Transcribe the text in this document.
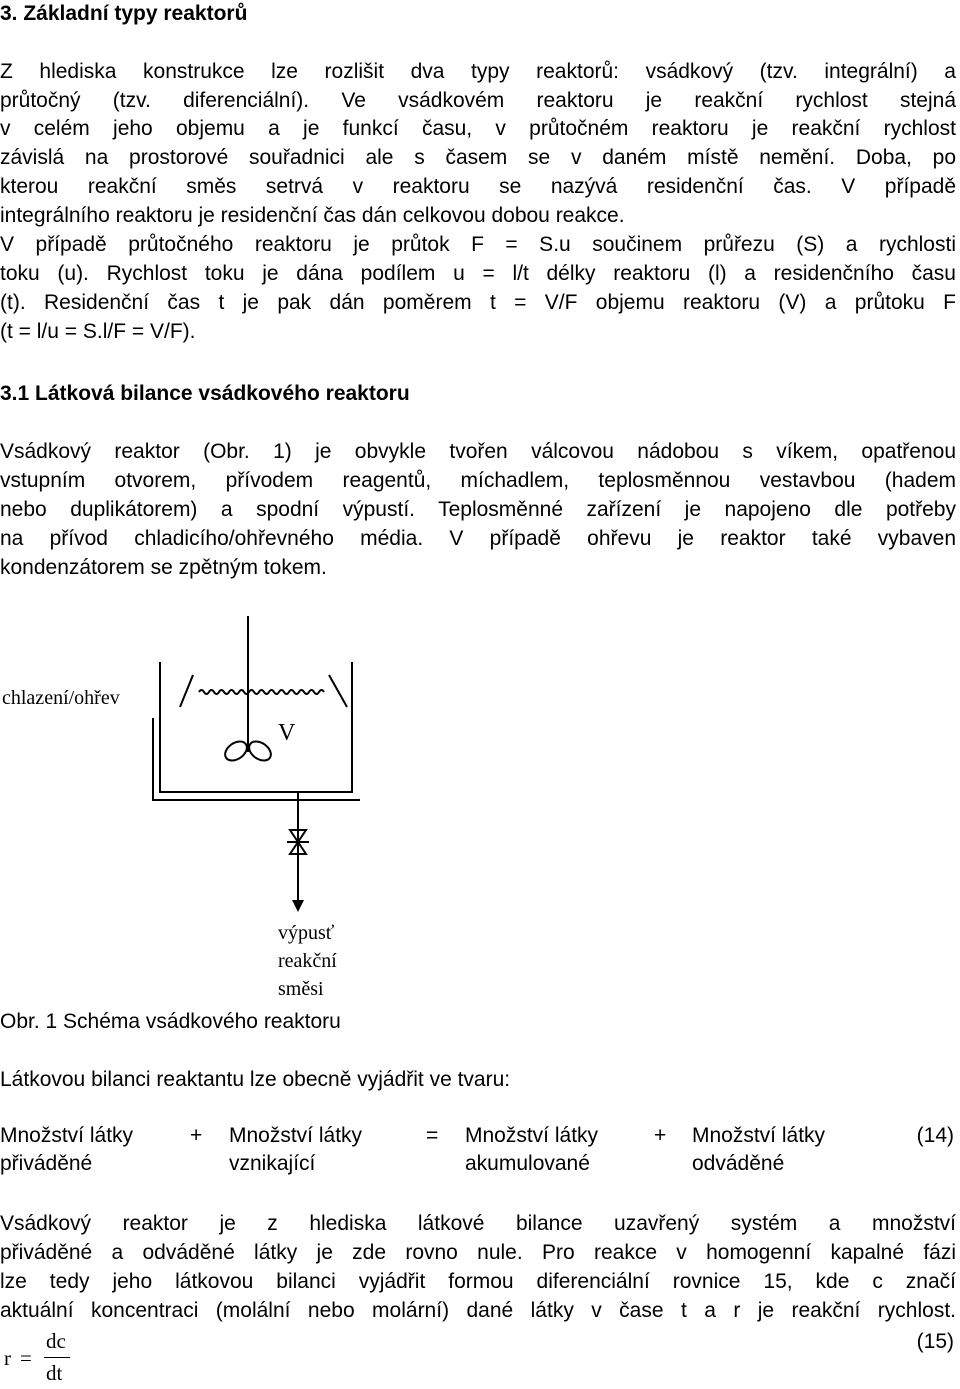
3. Základní typy reaktorů
Z hlediska konstrukce lze rozlišit dva typy reaktorů: vsádkový (tzv. integrální) a
průtočný (tzv. diferenciální). Ve vsádkovém reaktoru je reakční rychlost stejná
v celém jeho objemu a je funkcí času, v průtočném reaktoru je reakční rychlost
závislá na prostorové souřadnici ale s časem se v daném místě nemění. Doba, po
kterou reakční směs setrvá v reaktoru se nazývá residenční čas. V případě
integrálního reaktoru je residenční čas dán celkovou dobou reakce.
V případě průtočného reaktoru je průtok F = S.u součinem průřezu (S) a rychlosti
toku (u). Rychlost toku je dána podílem u = l/t délky reaktoru (l) a residenčního času
(t). Residenční čas t je pak dán poměrem t = V/F objemu reaktoru (V) a průtoku F
(t = l/u = S.l/F = V/F).
3.1 Látková bilance vsádkového reaktoru
Vsádkový reaktor (Obr. 1) je obvykle tvořen válcovou nádobou s víkem, opatřenou
vstupním otvorem, přívodem reagentů, míchadlem, teplosměnnou vestavbou (hadem
nebo duplikátorem) a spodní výpustí. Teplosměnné zařízení je napojeno dle potřeby
na přívod chladicího/ohřevného média. V případě ohřevu je reaktor také vybaven
kondenzátorem se zpětným tokem.
chlazení/ohřev
V
výpusť
reakční
směsi
Obr. 1 Schéma vsádkového reaktoru
Látkovou bilanci reaktantu lze obecně vyjádřit ve tvaru:
Množství látky
přiváděné
+ Množství látky
vznikající
= Množství látky
akumulované
+ Množství látky
odváděné
(14)
Vsádkový reaktor je z hlediska látkové bilance uzavřený systém a množství
přiváděné a odváděné látky je zde rovno nule. Pro reakce v homogenní kapalné fázi
lze tedy jeho látkovou bilanci vyjádřit formou diferenciální rovnice 15, kde c značí
aktuální koncentraci (molální nebo molární) dané látky v čase t a r je reakční rychlost.
r =
dc
dt
(15)
